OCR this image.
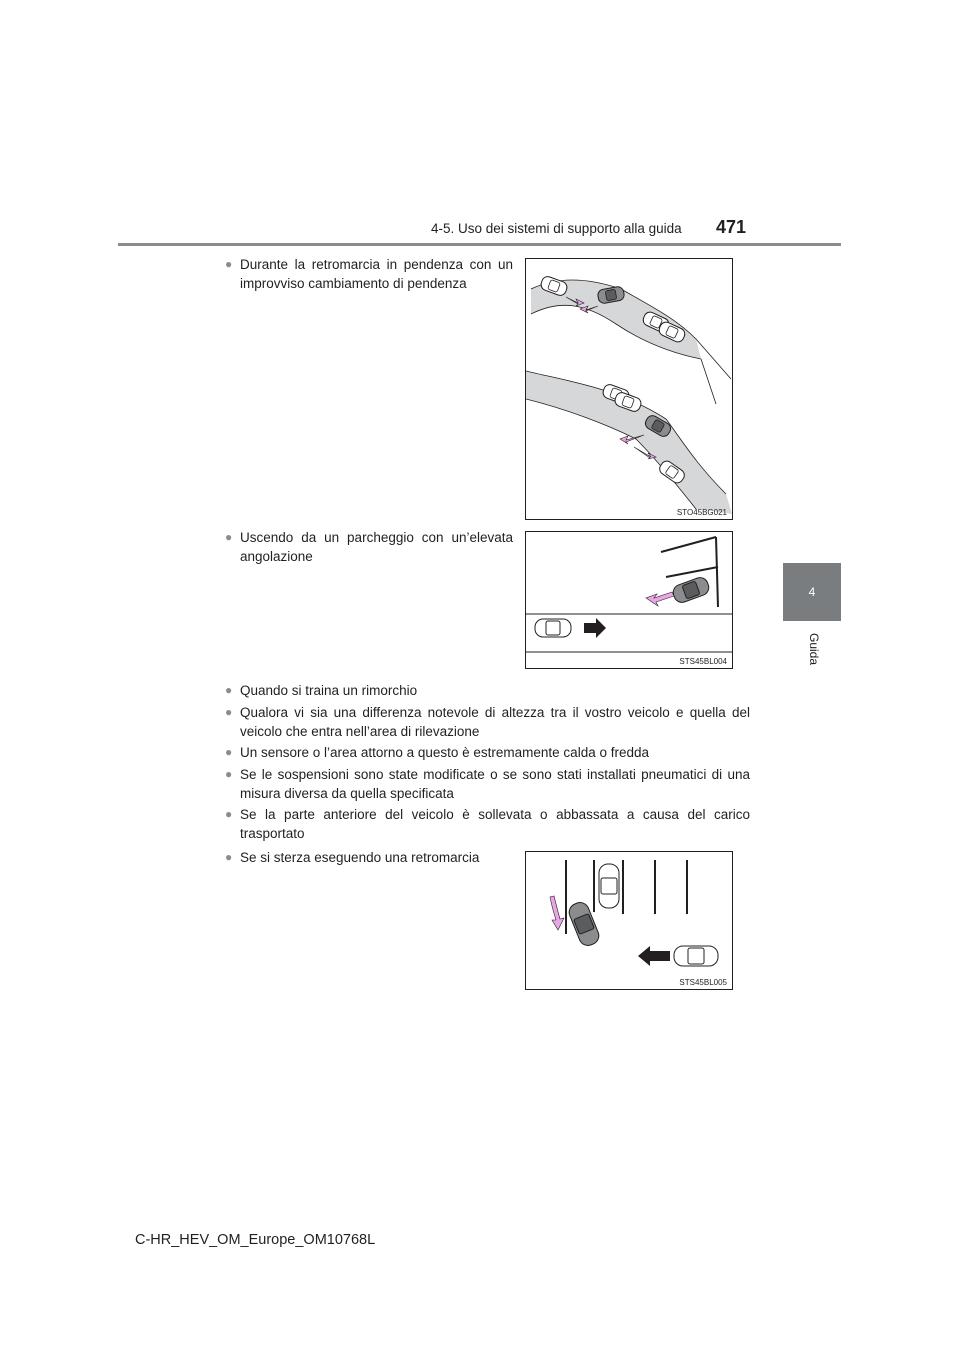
4-5. Uso dei sistemi di supporto alla guida 471
4
Guida
● Durante la retromarcia in pendenza con un improvviso cambiamento di pendenza
STO45BG021
● Uscendo da un parcheggio con un’elevata angolazione
STS45BL004
● Quando si traina un rimorchio
● Qualora vi sia una differenza notevole di altezza tra il vostro veicolo e quella del veicolo che entra nell’area di rilevazione
● Un sensore o l’area attorno a questo è estremamente calda o fredda
● Se le sospensioni sono state modificate o se sono stati installati pneumatici di una misura diversa da quella specificata
● Se la parte anteriore del veicolo è sollevata o abbassata a causa del carico trasportato
● Se si sterza eseguendo una retromarcia
STS45BL005
C-HR_HEV_OM_Europe_OM10768L
